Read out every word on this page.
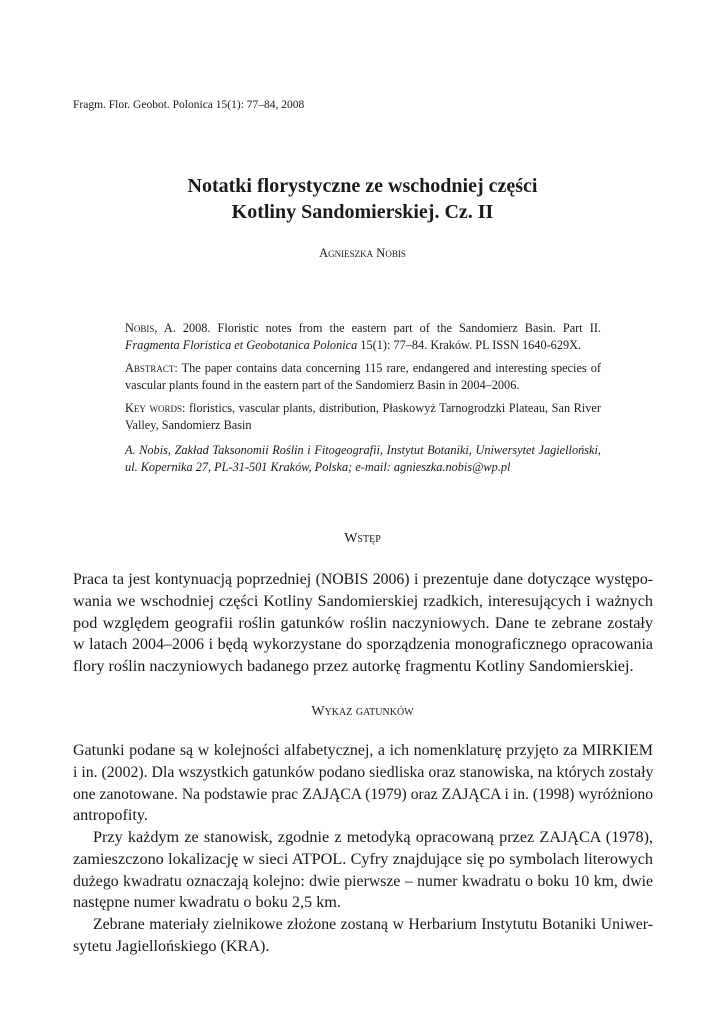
Fragm. Flor. Geobot. Polonica 15(1): 77–84, 2008
Notatki florystyczne ze wschodniej części
Kotliny Sandomierskiej. Cz. II
Agnieszka Nobis

Nobis, A. 2008. Floristic notes from the eastern part of the Sandomierz Basin. Part II. Fragmenta Floristica et Geobotanica Polonica 15(1): 77–84. Kraków. PL ISSN 1640-629X.

Abstract: The paper contains data concerning 115 rare, endangered and interesting species of vascular plants found in the eastern part of the Sandomierz Basin in 2004–2006.

Key words: floristics, vascular plants, distribution, Płaskowyż Tarnogrodzki Plateau, San River Valley, Sandomierz Basin

A. Nobis, Zakład Taksonomii Roślin i Fitogeografii, Instytut Botaniki, Uniwersytet Jagielloński, ul. Kopernika 27, PL-31-501 Kraków, Polska; e-mail: agnieszka.nobis@wp.pl

Wstęp
Praca ta jest kontynuacją poprzedniej (NOBIS 2006) i prezentuje dane dotyczące występo-
wania we wschodniej części Kotliny Sandomierskiej rzadkich, interesujących i ważnych
pod względem geografii roślin gatunków roślin naczyniowych. Dane te zebrane zostały
w latach 2004–2006 i będą wykorzystane do sporządzenia monograficznego opracowania
flory roślin naczyniowych badanego przez autorkę fragmentu Kotliny Sandomierskiej.
Wykaz gatunków
Gatunki podane są w kolejności alfabetycznej, a ich nomenklaturę przyjęto za MIRKIEM
i in. (2002). Dla wszystkich gatunków podano siedliska oraz stanowiska, na których zostały
one zanotowane. Na podstawie prac ZAJĄCA (1979) oraz ZAJĄCA i in. (1998) wyróżniono
antropofity.
Przy każdym ze stanowisk, zgodnie z metodyką opracowaną przez ZAJĄCA (1978),
zamieszczono lokalizację w sieci ATPOL. Cyfry znajdujące się po symbolach literowych
dużego kwadratu oznaczają kolejno: dwie pierwsze – numer kwadratu o boku 10 km, dwie
następne numer kwadratu o boku 2,5 km.
Zebrane materiały zielnikowe złożone zostaną w Herbarium Instytutu Botaniki Uniwer-
sytetu Jagiellońskiego (KRA).
